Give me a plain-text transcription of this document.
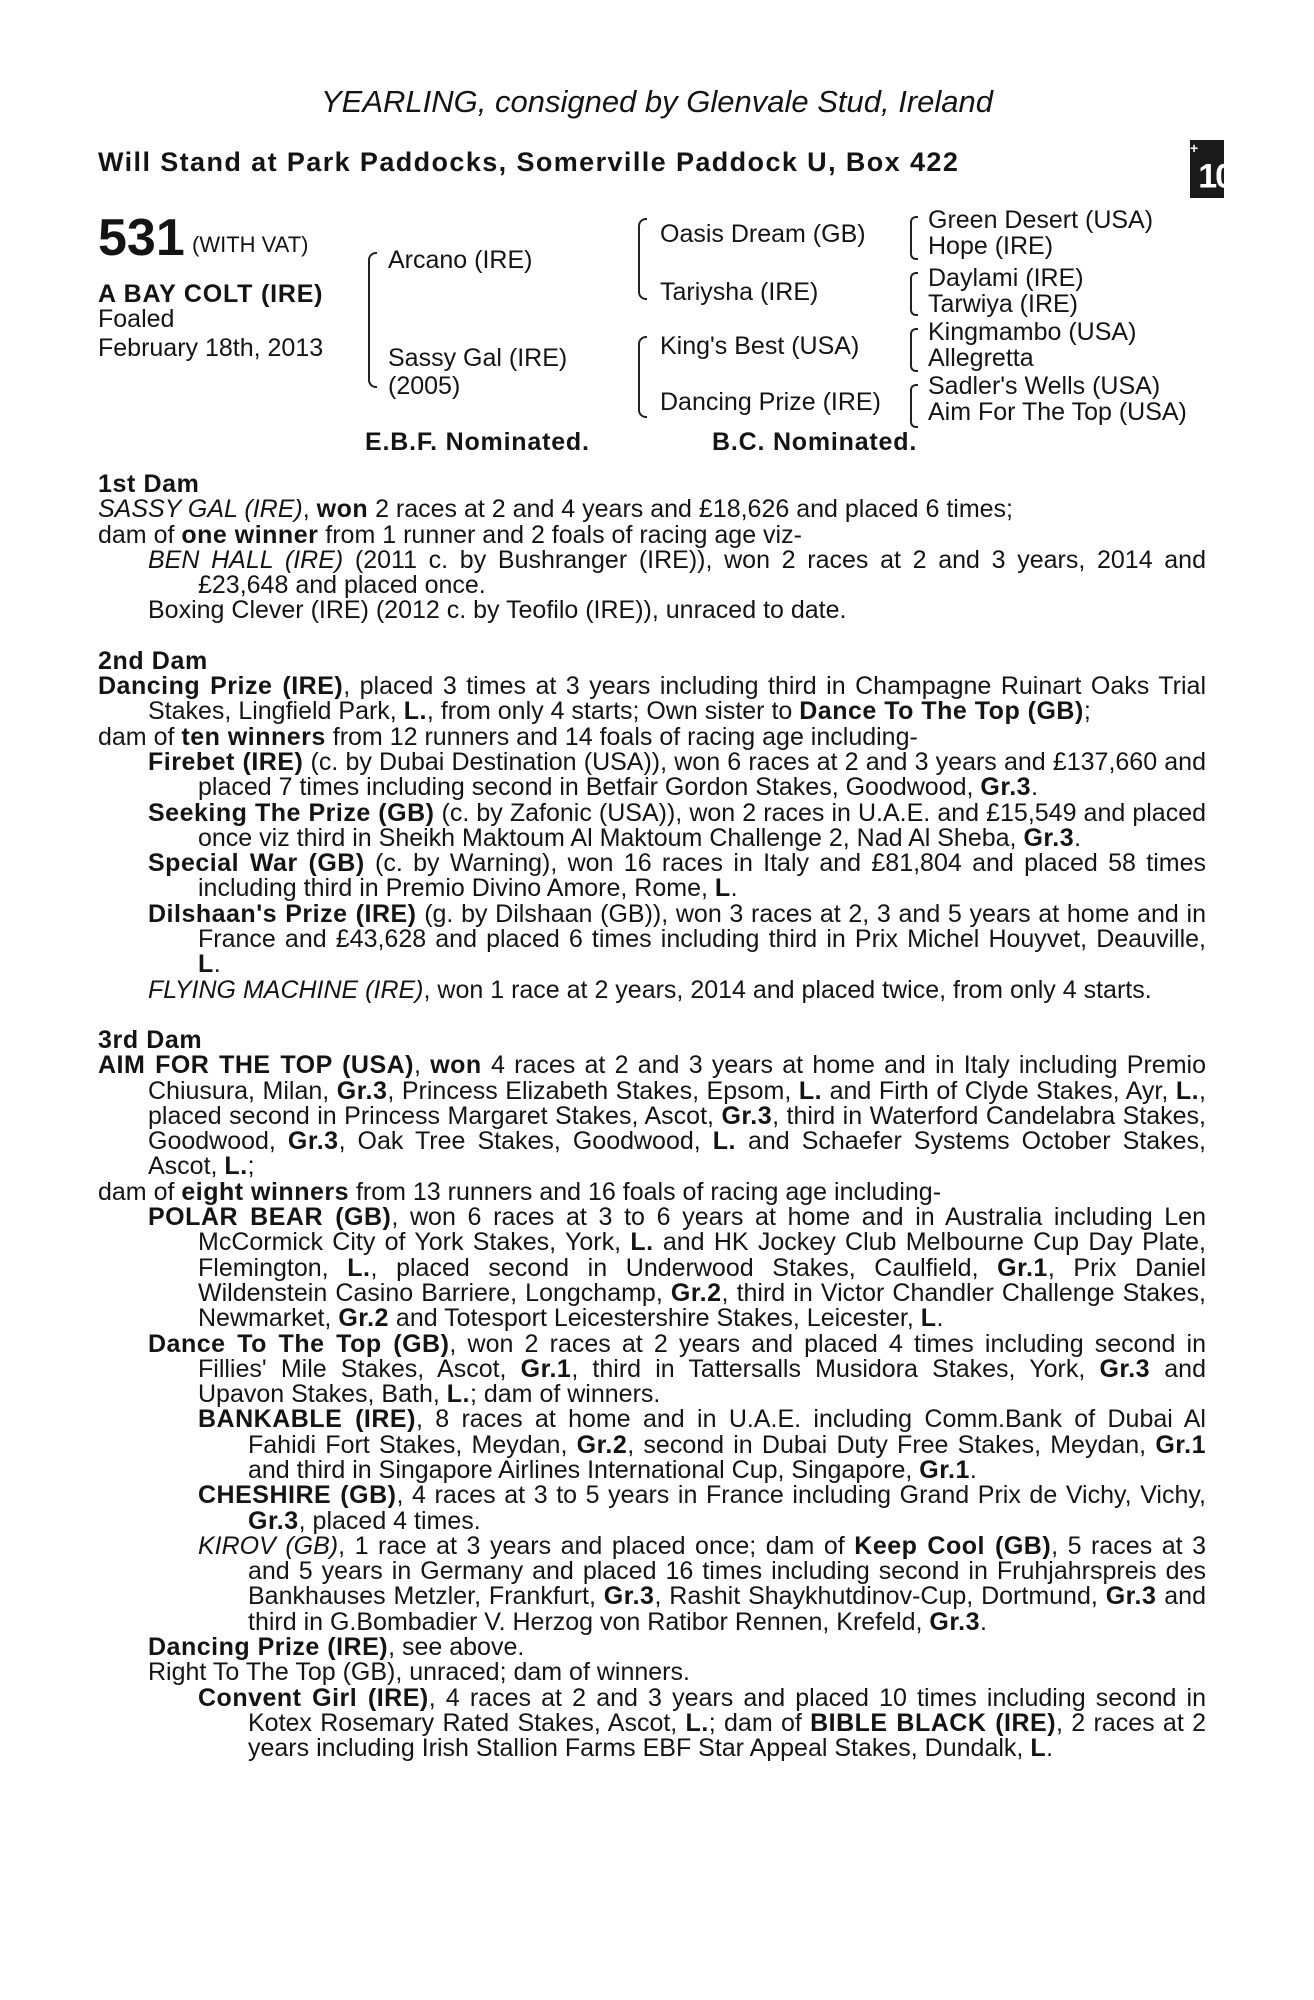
YEARLING, consigned by Glenvale Stud, Ireland
Will Stand at Park Paddocks, Somerville Paddock U, Box 422	+10
531 (WITH VAT)
A BAY COLT (IRE)
Foaled
February 18th, 2013
Arcano (IRE)
Sassy Gal (IRE)
(2005)
Oasis Dream (GB)
Tariysha (IRE)
King's Best (USA)
Dancing Prize (IRE)
Green Desert (USA)
Hope (IRE)
Daylami (IRE)
Tarwiya (IRE)
Kingmambo (USA)
Allegretta
Sadler's Wells (USA)
Aim For The Top (USA)
E.B.F. Nominated.	B.C. Nominated.
1st Dam
SASSY GAL (IRE), won 2 races at 2 and 4 years and £18,626 and placed 6 times;
dam of one winner from 1 runner and 2 foals of racing age viz-
BEN HALL (IRE) (2011 c. by Bushranger (IRE)), won 2 races at 2 and 3 years, 2014 and £23,648 and placed once.
Boxing Clever (IRE) (2012 c. by Teofilo (IRE)), unraced to date.
2nd Dam
Dancing Prize (IRE), placed 3 times at 3 years including third in Champagne Ruinart Oaks Trial Stakes, Lingfield Park, L., from only 4 starts; Own sister to Dance To The Top (GB);
dam of ten winners from 12 runners and 14 foals of racing age including-
Firebet (IRE) (c. by Dubai Destination (USA)), won 6 races at 2 and 3 years and £137,660 and placed 7 times including second in Betfair Gordon Stakes, Goodwood, Gr.3.
Seeking The Prize (GB) (c. by Zafonic (USA)), won 2 races in U.A.E. and £15,549 and placed once viz third in Sheikh Maktoum Al Maktoum Challenge 2, Nad Al Sheba, Gr.3.
Special War (GB) (c. by Warning), won 16 races in Italy and £81,804 and placed 58 times including third in Premio Divino Amore, Rome, L.
Dilshaan's Prize (IRE) (g. by Dilshaan (GB)), won 3 races at 2, 3 and 5 years at home and in France and £43,628 and placed 6 times including third in Prix Michel Houyvet, Deauville, L.
FLYING MACHINE (IRE), won 1 race at 2 years, 2014 and placed twice, from only 4 starts.
3rd Dam
AIM FOR THE TOP (USA), won 4 races at 2 and 3 years at home and in Italy including Premio Chiusura, Milan, Gr.3, Princess Elizabeth Stakes, Epsom, L. and Firth of Clyde Stakes, Ayr, L., placed second in Princess Margaret Stakes, Ascot, Gr.3, third in Waterford Candelabra Stakes, Goodwood, Gr.3, Oak Tree Stakes, Goodwood, L. and Schaefer Systems October Stakes, Ascot, L.;
dam of eight winners from 13 runners and 16 foals of racing age including-
POLAR BEAR (GB), won 6 races at 3 to 6 years at home and in Australia including Len McCormick City of York Stakes, York, L. and HK Jockey Club Melbourne Cup Day Plate, Flemington, L., placed second in Underwood Stakes, Caulfield, Gr.1, Prix Daniel Wildenstein Casino Barriere, Longchamp, Gr.2, third in Victor Chandler Challenge Stakes, Newmarket, Gr.2 and Totesport Leicestershire Stakes, Leicester, L.
Dance To The Top (GB), won 2 races at 2 years and placed 4 times including second in Fillies' Mile Stakes, Ascot, Gr.1, third in Tattersalls Musidora Stakes, York, Gr.3 and Upavon Stakes, Bath, L.; dam of winners.
BANKABLE (IRE), 8 races at home and in U.A.E. including Comm.Bank of Dubai Al Fahidi Fort Stakes, Meydan, Gr.2, second in Dubai Duty Free Stakes, Meydan, Gr.1 and third in Singapore Airlines International Cup, Singapore, Gr.1.
CHESHIRE (GB), 4 races at 3 to 5 years in France including Grand Prix de Vichy, Vichy, Gr.3, placed 4 times.
KIROV (GB), 1 race at 3 years and placed once; dam of Keep Cool (GB), 5 races at 3 and 5 years in Germany and placed 16 times including second in Fruhjahrspreis des Bankhauses Metzler, Frankfurt, Gr.3, Rashit Shaykhutdinov-Cup, Dortmund, Gr.3 and third in G.Bombadier V. Herzog von Ratibor Rennen, Krefeld, Gr.3.
Dancing Prize (IRE), see above.
Right To The Top (GB), unraced; dam of winners.
Convent Girl (IRE), 4 races at 2 and 3 years and placed 10 times including second in Kotex Rosemary Rated Stakes, Ascot, L.; dam of BIBLE BLACK (IRE), 2 races at 2 years including Irish Stallion Farms EBF Star Appeal Stakes, Dundalk, L.
